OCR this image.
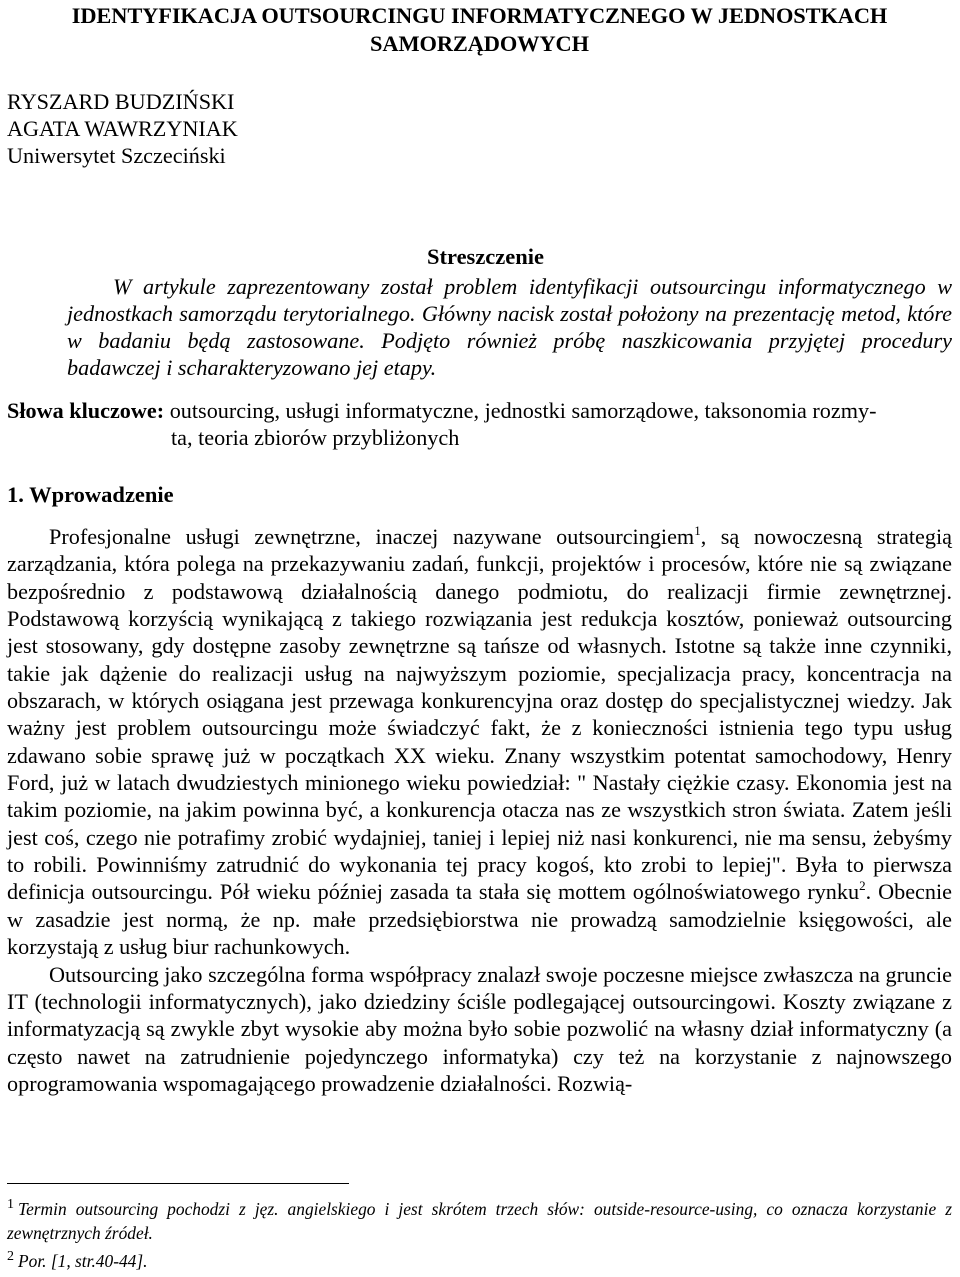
IDENTYFIKACJA OUTSOURCINGU INFORMATYCZNEGO W JEDNOSTKACH
SAMORZĄDOWYCH
RYSZARD BUDZIŃSKI
AGATA WAWRZYNIAK
Uniwersytet Szczeciński
Streszczenie
W artykule zaprezentowany został problem identyfikacji outsourcingu informatycznego w jednostkach samorządu terytorialnego. Główny nacisk został położony na prezentację metod, które w badaniu będą zastosowane. Podjęto również próbę naszkicowania przyjętej procedury badawczej i scharakteryzowano jej etapy.
Słowa kluczowe: outsourcing, usługi informatyczne, jednostki samorządowe, taksonomia rozmy-
ta, teoria zbiorów przybliżonych
1. Wprowadzenie

Profesjonalne usługi zewnętrzne, inaczej nazywane outsourcingiem$^1$, są nowoczesną strategią zarządzania, która polega na przekazywaniu zadań, funkcji, projektów i procesów, które nie są związane bezpośrednio z podstawową działalnością danego podmiotu, do realizacji firmie zewnętrznej. Podstawową korzyścią wynikającą z takiego rozwiązania jest redukcja kosztów, ponieważ outsourcing jest stosowany, gdy dostępne zasoby zewnętrzne są tańsze od własnych. Istotne są także inne czynniki, takie jak dążenie do realizacji usług na najwyższym poziomie, specjalizacja pracy, koncentracja na obszarach, w których osiągana jest przewaga konkurencyjna oraz dostęp do specjalistycznej wiedzy. Jak ważny jest problem outsourcingu może świadczyć fakt, że z konieczności istnienia tego typu usług zdawano sobie sprawę już w początkach XX wieku. Znany wszystkim potentat samochodowy, Henry Ford, już w latach dwudziestych minionego wieku powiedział: " Nastały ciężkie czasy. Ekonomia jest na takim poziomie, na jakim powinna być, a konkurencja otacza nas ze wszystkich stron świata. Zatem jeśli jest coś, czego nie potrafimy zrobić wydajniej, taniej i lepiej niż nasi konkurenci, nie ma sensu, żebyśmy to robili. Powinniśmy zatrudnić do wykonania tej pracy kogoś, kto zrobi to lepiej". Była to pierwsza definicja outsourcingu. Pół wieku później zasada ta stała się mottem ogólnoświatowego rynku$^2$. Obecnie w zasadzie jest normą, że np. małe przedsiębiorstwa nie prowadzą samodzielnie księgowości, ale korzystają z usług biur rachunkowych.

Outsourcing jako szczególna forma współpracy znalazł swoje poczesne miejsce zwłaszcza na gruncie IT (technologii informatycznych), jako dziedziny ściśle podlegającej outsourcingowi. Koszty związane z informatyzacją są zwykle zbyt wysokie aby można było sobie pozwolić na własny dział informatyczny (a często nawet na zatrudnienie pojedynczego informatyka) czy też na korzystanie z najnowszego oprogramowania wspomagającego prowadzenie działalności. Rozwią-

$^1$ Termin outsourcing pochodzi z jęz. angielskiego i jest skrótem trzech słów: outside-resource-using, co oznacza korzystanie z zewnętrznych źródeł.

$^2$ Por. [1, str.40-44].
